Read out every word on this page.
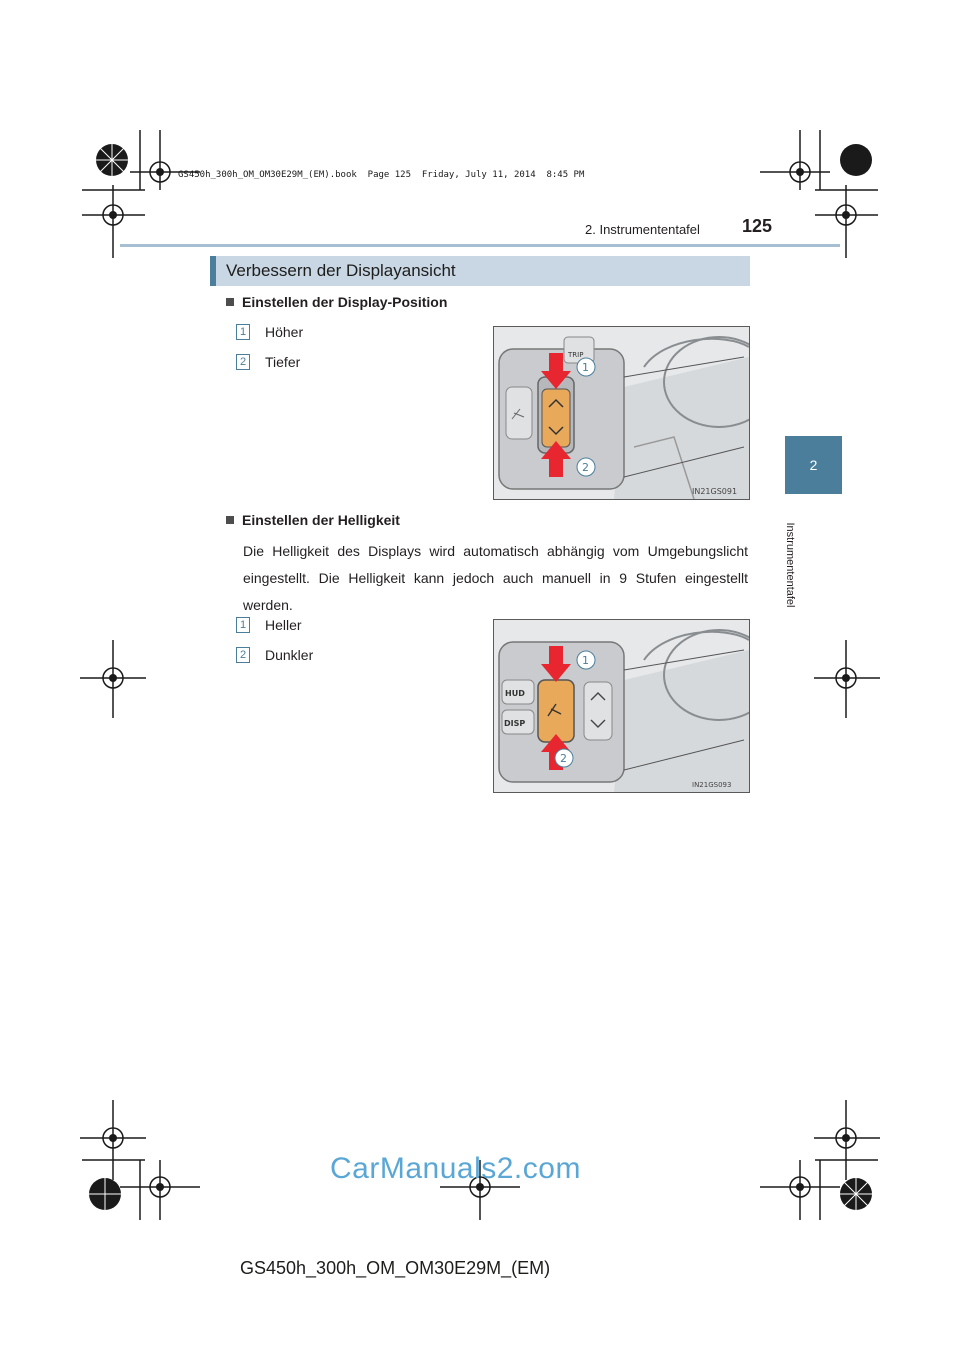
GS450h_300h_OM_OM30E29M_(EM).book  Page 125  Friday, July 11, 2014  8:45 PM
2. Instrumententafel 125
2
Instrumententafel
Verbessern der Displayansicht
Einstellen der Display-Position
1 Höher
2 Tiefer	TRIP
1
2
IN21GS091
Einstellen der Helligkeit
Die Helligkeit des Displays wird automatisch abhängig vom Umgebungslicht eingestellt. Die Helligkeit kann jedoch auch manuell in 9 Stufen eingestellt werden.
1 Heller
2 Dunkler
HUD
DISP
1
2
IN21GS093
CarManuals2.com
GS450h_300h_OM_OM30E29M_(EM)
